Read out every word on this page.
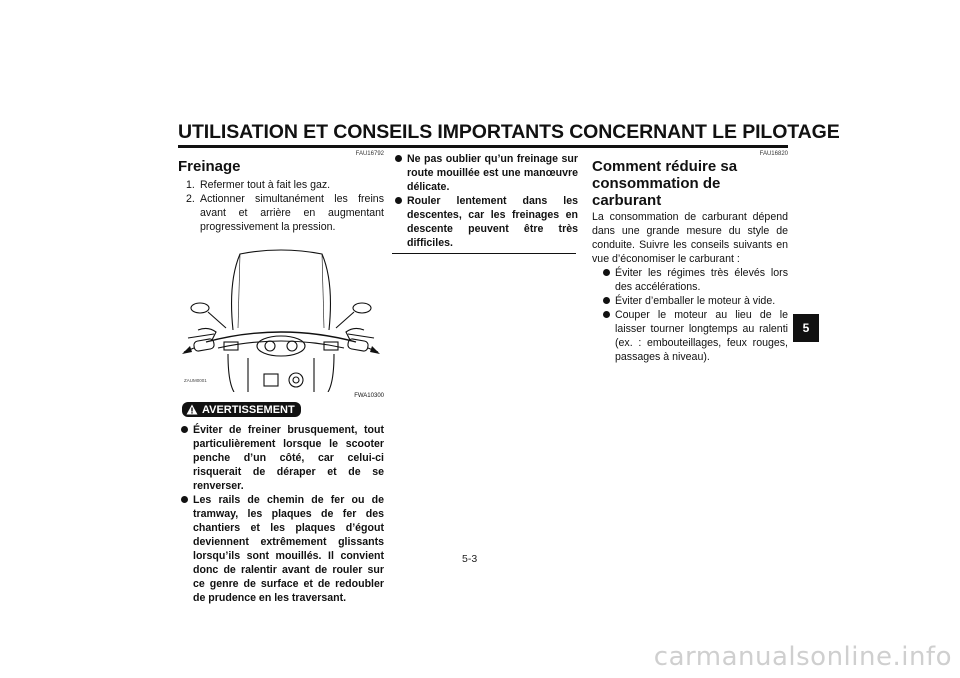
UTILISATION ET CONSEILS IMPORTANTS CONCERNANT LE PILOTAGE
FAU16792
Freinage
1. Refermer tout à fait les gaz.
2. Actionner simultanément les freins avant et arrière en augmentant progressivement la pression.
ZAUM0001
FWA10300
AVERTISSEMENT
Éviter de freiner brusquement, tout particulièrement lorsque le scooter penche d’un côté, car celui-ci risquerait de déraper et de se renverser.
Les rails de chemin de fer ou de tramway, les plaques de fer des chantiers et les plaques d’égout deviennent extrêmement glissants lorsqu’ils sont mouillés. Il convient donc de ralentir avant de rouler sur ce genre de surface et de redoubler de prudence en les traversant.
Ne pas oublier qu’un freinage sur route mouillée est une manœuvre délicate.
Rouler lentement dans les descentes, car les freinages en descente peuvent être très difficiles.
FAU16820
Comment réduire sa consommation de carburant

La consommation de carburant dépend dans une grande mesure du style de conduite. Suivre les conseils suivants en vue d’économiser le carburant :

Éviter les régimes très élevés lors des accélérations.
Éviter d’emballer le moteur à vide.
Couper le moteur au lieu de le laisser tourner longtemps au ralenti (ex. : embouteillages, feux rouges, passages à niveau).
5
5-3
carmanualsonline.info
